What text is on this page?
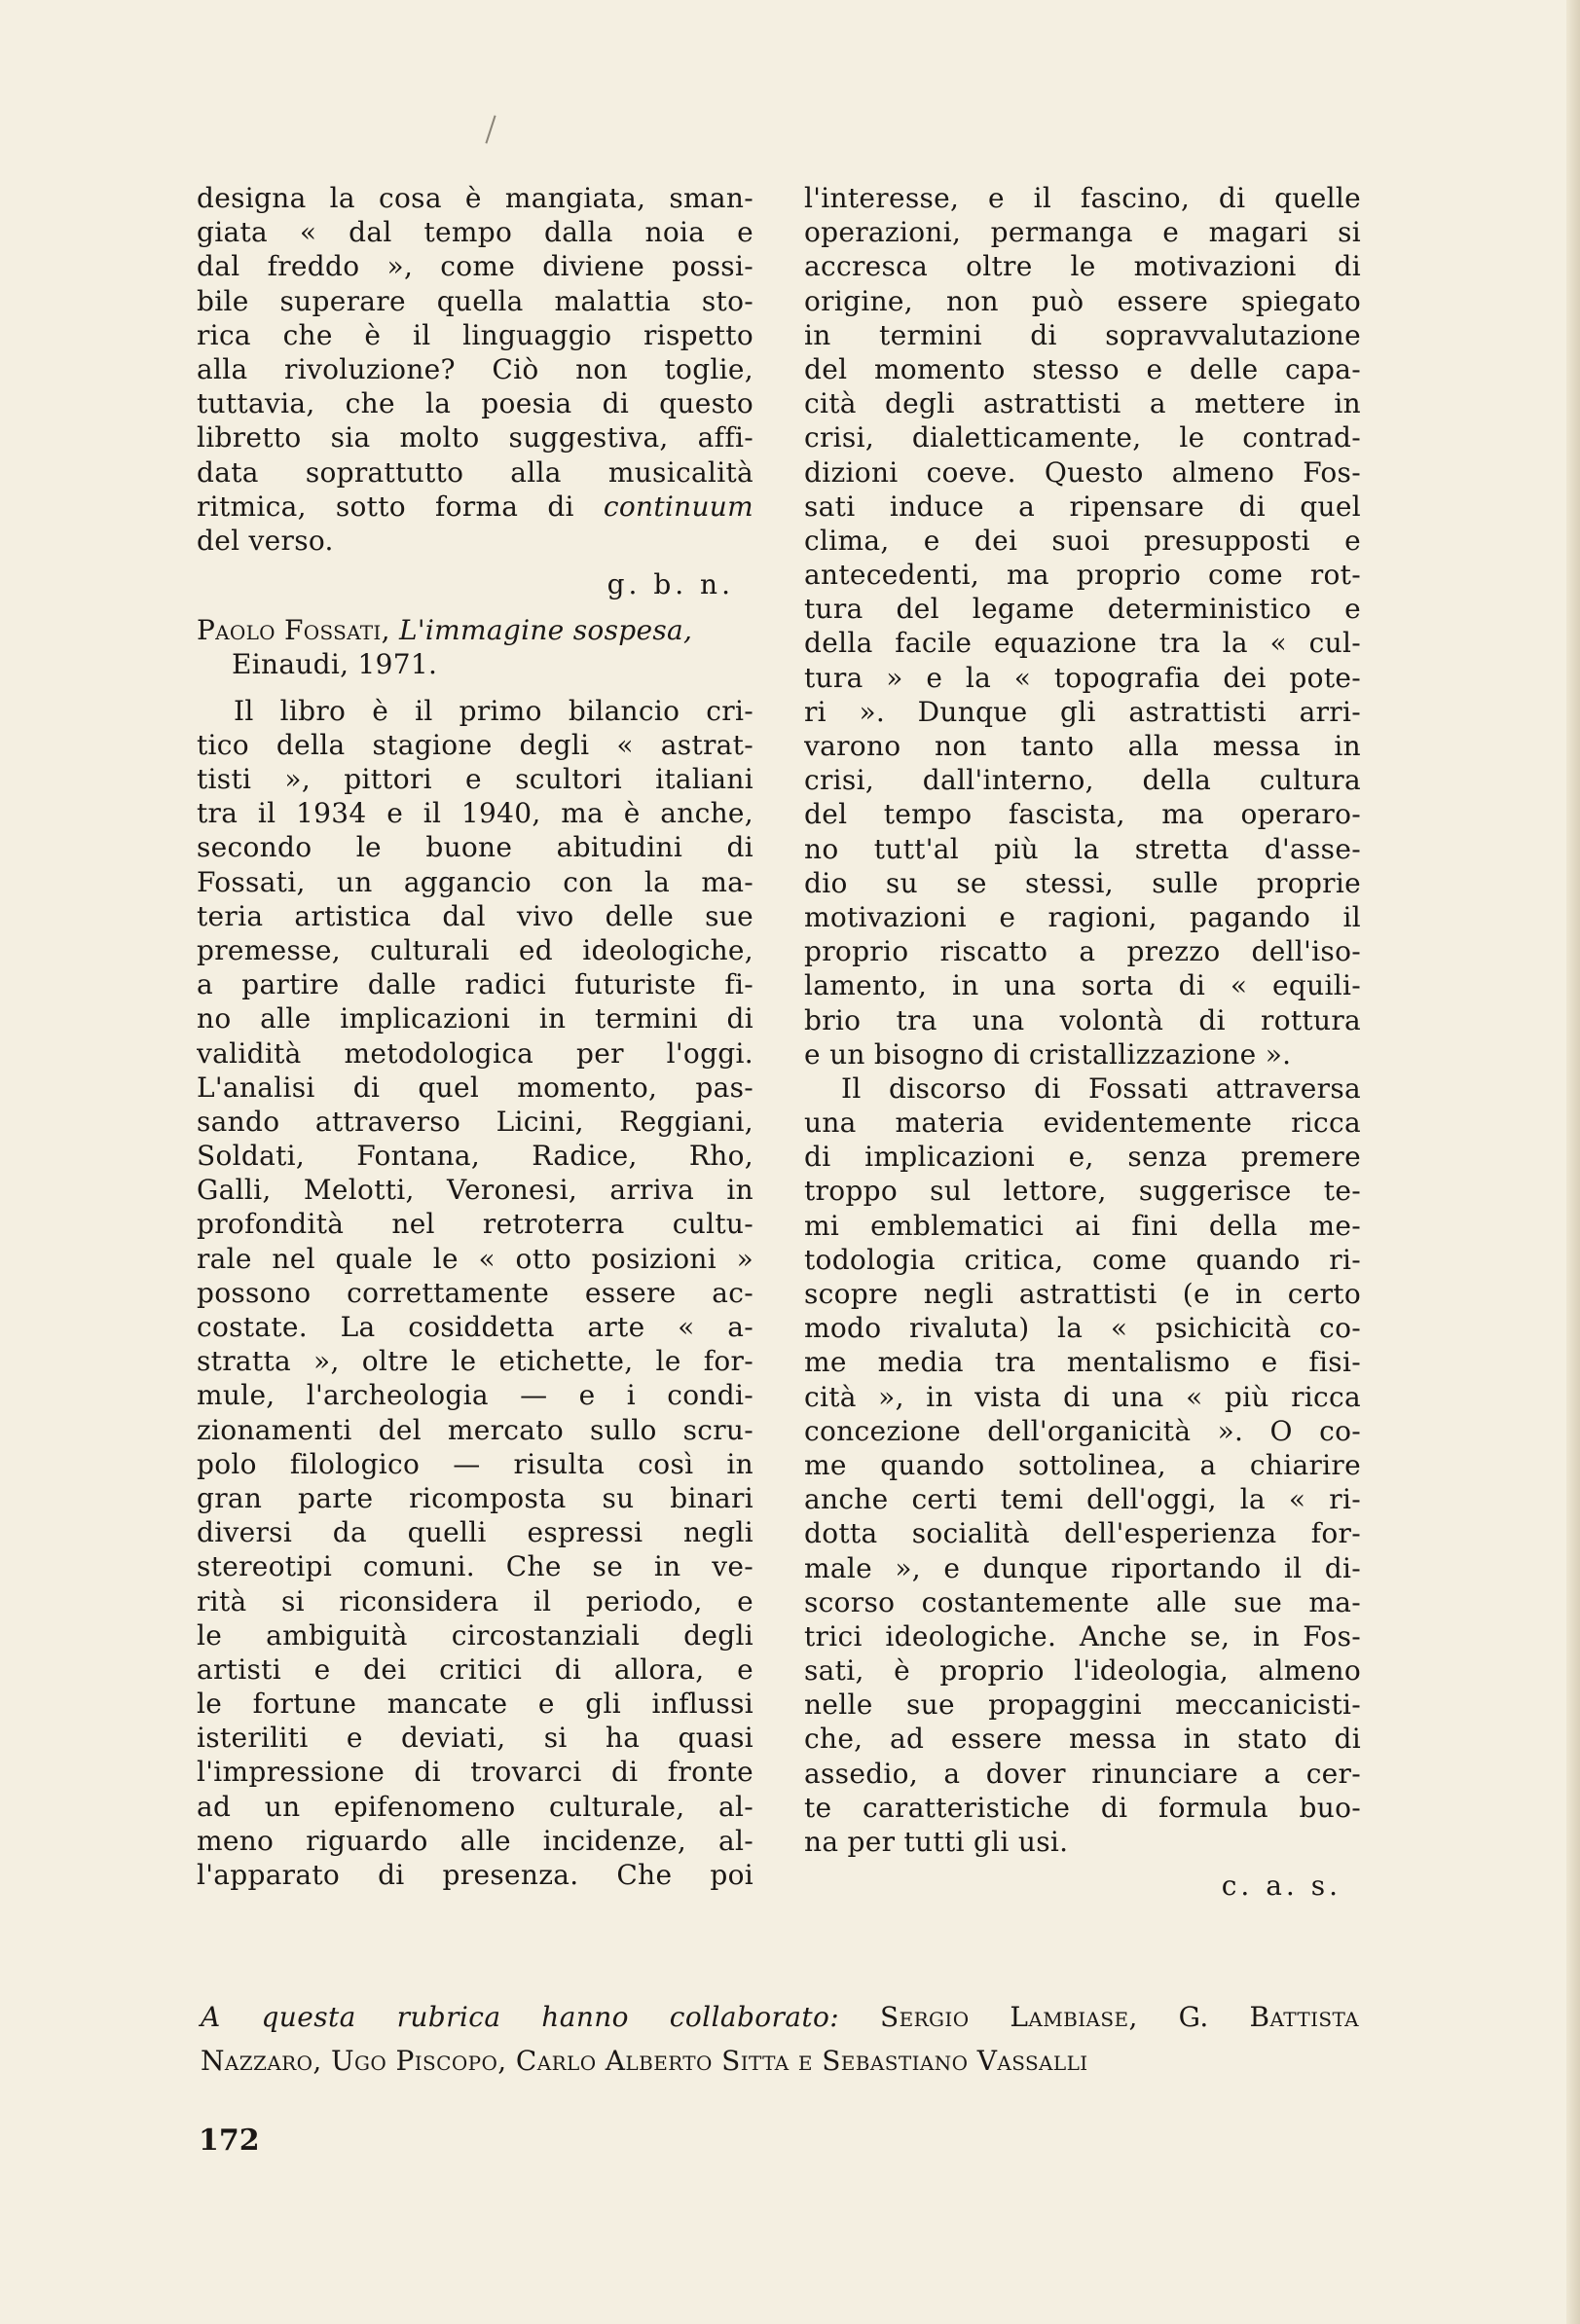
designa la cosa è mangiata, sman-
giata « dal tempo dalla noia e
dal freddo », come diviene possi-
bile superare quella malattia sto-
rica che è il linguaggio rispetto
alla rivoluzione? Ciò non toglie,
tuttavia, che la poesia di questo
libretto sia molto suggestiva, affi-
data soprattutto alla musicalità
ritmica, sotto forma di continuum
del verso.
g. b. n.
Paolo Fossati, L'immagine sospesa,
Einaudi, 1971.
Il libro è il primo bilancio cri-
tico della stagione degli « astrat-
tisti », pittori e scultori italiani
tra il 1934 e il 1940, ma è anche,
secondo le buone abitudini di
Fossati, un aggancio con la ma-
teria artistica dal vivo delle sue
premesse, culturali ed ideologiche,
a partire dalle radici futuriste fi-
no alle implicazioni in termini di
validità metodologica per l'oggi.
L'analisi di quel momento, pas-
sando attraverso Licini, Reggiani,
Soldati, Fontana, Radice, Rho,
Galli, Melotti, Veronesi, arriva in
profondità nel retroterra cultu-
rale nel quale le « otto posizioni »
possono correttamente essere ac-
costate. La cosiddetta arte « a-
stratta », oltre le etichette, le for-
mule, l'archeologia — e i condi-
zionamenti del mercato sullo scru-
polo filologico — risulta così in
gran parte ricomposta su binari
diversi da quelli espressi negli
stereotipi comuni. Che se in ve-
rità si riconsidera il periodo, e
le ambiguità circostanziali degli
artisti e dei critici di allora, e
le fortune mancate e gli influssi
isteriliti e deviati, si ha quasi
l'impressione di trovarci di fronte
ad un epifenomeno culturale, al-
meno riguardo alle incidenze, al-
l'apparato di presenza. Che poi
l'interesse, e il fascino, di quelle
operazioni, permanga e magari si
accresca oltre le motivazioni di
origine, non può essere spiegato
in termini di sopravvalutazione
del momento stesso e delle capa-
cità degli astrattisti a mettere in
crisi, dialetticamente, le contrad-
dizioni coeve. Questo almeno Fos-
sati induce a ripensare di quel
clima, e dei suoi presupposti e
antecedenti, ma proprio come rot-
tura del legame deterministico e
della facile equazione tra la « cul-
tura » e la « topografia dei pote-
ri ». Dunque gli astrattisti arri-
varono non tanto alla messa in
crisi, dall'interno, della cultura
del tempo fascista, ma operaro-
no tutt'al più la stretta d'asse-
dio su se stessi, sulle proprie
motivazioni e ragioni, pagando il
proprio riscatto a prezzo dell'iso-
lamento, in una sorta di « equili-
brio tra una volontà di rottura
e un bisogno di cristallizzazione ».
Il discorso di Fossati attraversa
una materia evidentemente ricca
di implicazioni e, senza premere
troppo sul lettore, suggerisce te-
mi emblematici ai fini della me-
todologia critica, come quando ri-
scopre negli astrattisti (e in certo
modo rivaluta) la « psichicità co-
me media tra mentalismo e fisi-
cità », in vista di una « più ricca
concezione dell'organicità ». O co-
me quando sottolinea, a chiarire
anche certi temi dell'oggi, la « ri-
dotta socialità dell'esperienza for-
male », e dunque riportando il di-
scorso costantemente alle sue ma-
trici ideologiche. Anche se, in Fos-
sati, è proprio l'ideologia, almeno
nelle sue propaggini meccanicisti-
che, ad essere messa in stato di
assedio, a dover rinunciare a cer-
te caratteristiche di formula buo-
na per tutti gli usi.
c. a. s.
A questa rubrica hanno collaborato: Sergio Lambiase, G. Battista
Nazzaro, Ugo Piscopo, Carlo Alberto Sitta e Sebastiano Vassalli
172
